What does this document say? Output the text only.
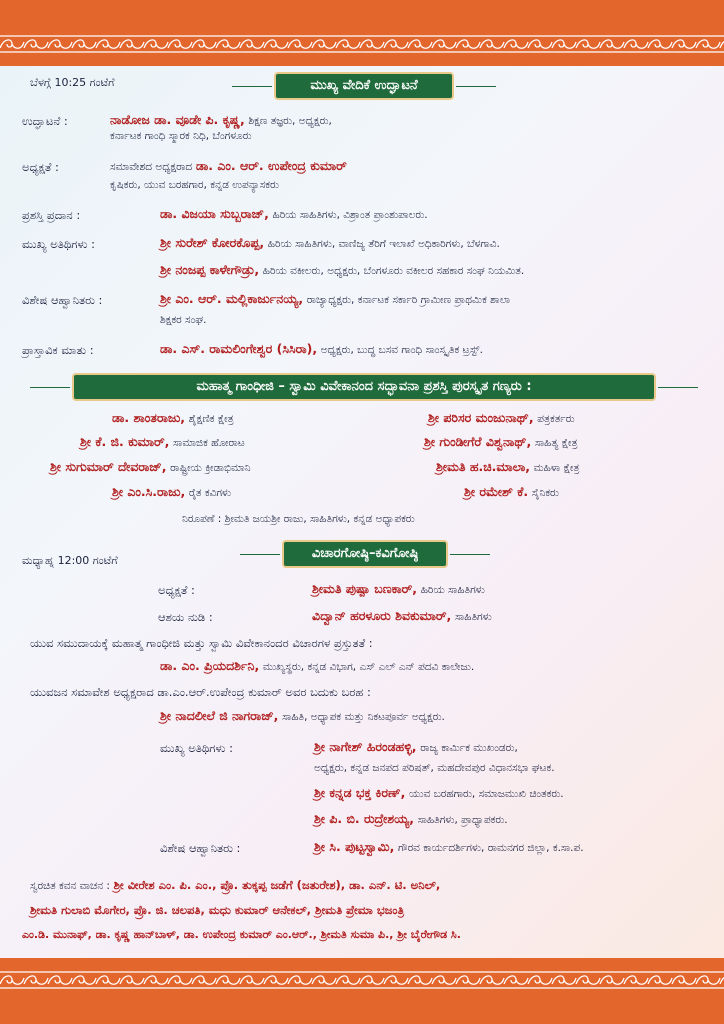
ಬೆಳಗ್ಗೆ 10:25 ಗಂಟೆಗೆ	ಮುಖ್ಯ ವೇದಿಕೆ ಉದ್ಘಾಟನೆ
ಉದ್ಘಾಟನೆ :	ನಾಡೋಜ ಡಾ. ವೂಡೇ ಪಿ. ಕೃಷ್ಣ, ಶಿಕ್ಷಣ ತಜ್ಞರು, ಅಧ್ಯಕ್ಷರು,
ಕರ್ನಾಟಕ ಗಾಂಧಿ ಸ್ಮಾರಕ ನಿಧಿ, ಬೆಂಗಳೂರು
ಅಧ್ಯಕ್ಷತೆ :	ಸಮಾವೇಶದ ಅಧ್ಯಕ್ಷರಾದ ಡಾ. ಎಂ. ಆರ್. ಉಪೇಂದ್ರ ಕುಮಾರ್
ಕೃಷಿಕರು, ಯುವ ಬರಹಗಾರ, ಕನ್ನಡ ಉಪನ್ಯಾಸಕರು
ಪ್ರಶಸ್ತಿ ಪ್ರದಾನ :	ಡಾ. ವಿಜಯಾ ಸುಬ್ಬರಾಜ್, ಹಿರಿಯ ಸಾಹಿತಿಗಳು, ವಿಶ್ರಾಂತ ಪ್ರಾಂಶುಪಾಲರು.
ಮುಖ್ಯ ಅತಿಥಿಗಳು :	ಶ್ರೀ ಸುರೇಶ್ ಕೋರಕೊಪ್ಪ, ಹಿರಿಯ ಸಾಹಿತಿಗಳು, ವಾಣಿಜ್ಯ ತೆರಿಗೆ ಇಲಾಖೆ ಅಧಿಕಾರಿಗಳು, ಬೆಳಗಾವಿ.
ಶ್ರೀ ನಂಜಪ್ಪ ಕಾಳೇಗೌಡ್ರು, ಹಿರಿಯ ವಕೀಲರು, ಅಧ್ಯಕ್ಷರು, ಬೆಂಗಳೂರು ವಕೀಲರ ಸಹಕಾರ ಸಂಘ ನಿಯಮಿತ.
ವಿಶೇಷ ಆಹ್ವಾನಿತರು :	ಶ್ರೀ ಎಂ. ಆರ್. ಮಲ್ಲಿಕಾರ್ಜುನಯ್ಯ, ರಾಜ್ಯಾಧ್ಯಕ್ಷರು, ಕರ್ನಾಟಕ ಸರ್ಕಾರಿ ಗ್ರಾಮೀಣ ಪ್ರಾಥಮಿಕ ಶಾಲಾ
ಶಿಕ್ಷಕರ ಸಂಘ.
ಪ್ರಾಸ್ತಾವಿಕ ಮಾತು :	ಡಾ. ಎಸ್. ರಾಮಲಿಂಗೇಶ್ವರ (ಸಿಸಿರಾ), ಅಧ್ಯಕ್ಷರು, ಬುದ್ಧ ಬಸವ ಗಾಂಧಿ ಸಾಂಸ್ಕೃತಿಕ ಟ್ರಸ್ಟ್.
ಮಹಾತ್ಮ ಗಾಂಧೀಜಿ – ಸ್ವಾಮಿ ವಿವೇಕಾನಂದ ಸದ್ಭಾವನಾ ಪ್ರಶಸ್ತಿ ಪುರಸ್ಕೃತ ಗಣ್ಯರು :
ಡಾ. ಶಾಂತರಾಜು, ಶೈಕ್ಷಣಿಕ ಕ್ಷೇತ್ರ
ಶ್ರೀ ಕೆ. ಜಿ. ಕುಮಾರ್, ಸಾಮಾಜಿಕ ಹೋರಾಟ
ಶ್ರೀ ಸುಗುಮಾರ್ ದೇವರಾಜ್, ರಾಷ್ಟ್ರೀಯ ಕ್ರೀಡಾಭಿಮಾನಿ
ಶ್ರೀ ಎಂ.ಸಿ.ರಾಜು, ರೈತ ಕವಿಗಳು
ಶ್ರೀ ಪರಿಸರ ಮಂಜುನಾಥ್, ಪತ್ರಕರ್ತರು
ಶ್ರೀ ಗುಂಡೀಗೆರೆ ವಿಶ್ವನಾಥ್, ಸಾಹಿತ್ಯ ಕ್ಷೇತ್ರ
ಶ್ರೀಮತಿ ಹ.ಚಿ.ಮಾಲಾ, ಮಹಿಳಾ ಕ್ಷೇತ್ರ
ಶ್ರೀ ರಮೇಶ್ ಕೆ. ಸೈನಿಕರು
ನಿರೂಪಣೆ : ಶ್ರೀಮತಿ ಜಯಶ್ರೀ ರಾಜು, ಸಾಹಿತಿಗಳು, ಕನ್ನಡ ಅಧ್ಯಾಪಕರು
ಮಧ್ಯಾಹ್ನ 12:00 ಗಂಟೆಗೆ	ವಿಚಾರಗೋಷ್ಠಿ–ಕವಿಗೋಷ್ಠಿ
ಅಧ್ಯಕ್ಷತೆ :	ಶ್ರೀಮತಿ ಪುಷ್ಪಾ ಬಣಕಾರ್, ಹಿರಿಯ ಸಾಹಿತಿಗಳು
ಆಶಯ ನುಡಿ :	ವಿದ್ವಾನ್ ಹರಳೂರು ಶಿವಕುಮಾರ್, ಸಾಹಿತಿಗಳು
ಯುವ ಸಮುದಾಯಕ್ಕೆ ಮಹಾತ್ಮ ಗಾಂಧೀಜಿ ಮತ್ತು ಸ್ವಾಮಿ ವಿವೇಕಾನಂದರ ವಿಚಾರಗಳ ಪ್ರಸ್ತುತತೆ :
ಡಾ. ಎಂ. ಪ್ರಿಯದರ್ಶಿನಿ, ಮುಖ್ಯಸ್ಥರು, ಕನ್ನಡ ವಿಭಾಗ, ಎಸ್ ಎಲ್ ಎನ್ ಪದವಿ ಕಾಲೇಜು.
ಯುವಜನ ಸಮಾವೇಶ ಅಧ್ಯಕ್ಷರಾದ ಡಾ.ಎಂ.ಆರ್.ಉಪೇಂದ್ರ ಕುಮಾರ್ ಅವರ ಬದುಕು ಬರಹ :
ಶ್ರೀ ನಾದಲೀಲೆ ಜಿ ನಾಗರಾಜ್, ಸಾಹಿತಿ, ಅಧ್ಯಾಪಕ ಮತ್ತು ನಿಕಟಪೂರ್ವ ಅಧ್ಯಕ್ಷರು.
ಮುಖ್ಯ ಅತಿಥಿಗಳು :	ಶ್ರೀ ನಾಗೇಶ್ ಹಿರಂಡಹಳ್ಳಿ, ರಾಜ್ಯ ಕಾರ್ಮಿಕ ಮುಖಂಡರು,
ಅಧ್ಯಕ್ಷರು, ಕನ್ನಡ ಜನಪದ ಪರಿಷತ್, ಮಹದೇವಪುರ ವಿಧಾನಸಭಾ ಘಟಕ.
ಶ್ರೀ ಕನ್ನಡ ಭಕ್ತ ಕಿರಣ್, ಯುವ ಬರಹಗಾರು, ಸಮಾಜಮುಖಿ ಚಿಂತಕರು.
ಶ್ರೀ ಪಿ. ಬಿ. ರುದ್ರೇಶಯ್ಯ, ಸಾಹಿತಿಗಳು, ಪ್ರಾಧ್ಯಾಪಕರು.
ವಿಶೇಷ ಆಹ್ವಾನಿತರು :	ಶ್ರೀ ಸಿ. ಪುಟ್ಟಸ್ವಾಮಿ, ಗೌರವ ಕಾರ್ಯದರ್ಶಿಗಳು, ರಾಮನಗರ ಜಿಲ್ಲಾ, ಕ.ಸಾ.ಪ.
ಸ್ವರಚಿತ ಕವನ ವಾಚನ : ಶ್ರೀ ವೀರೇಶ ಎಂ. ಪಿ. ಎಂ., ಪ್ರೊ. ತುಕ್ಕಪ್ಪ ಜಡೆಗೆ (ಜತುರೇಶ), ಡಾ. ಎನ್. ಟಿ. ಅನಿಲ್,
ಶ್ರೀಮತಿ ಗುಲಾಬಿ ಮೊಗೇರ, ಪ್ರೊ. ಜಿ. ಚಲಪತಿ, ಮಧು ಕುಮಾರ್ ಆನೇಕಲ್, ಶ್ರೀಮತಿ ಪ್ರೇಮಾ ಭಜಂತ್ರಿ
ಎಂ.ಡಿ. ಮುನಾಫ್, ಡಾ. ಕೃಷ್ಣ ಹಾನ್‌ಬಾಳ್, ಡಾ. ಉಪೇಂದ್ರ ಕುಮಾರ್ ಎಂ.ಆರ್., ಶ್ರೀಮತಿ ಸುಮಾ ಪಿ., ಶ್ರೀ ಬೈರೇಗೌಡ ಸಿ.
